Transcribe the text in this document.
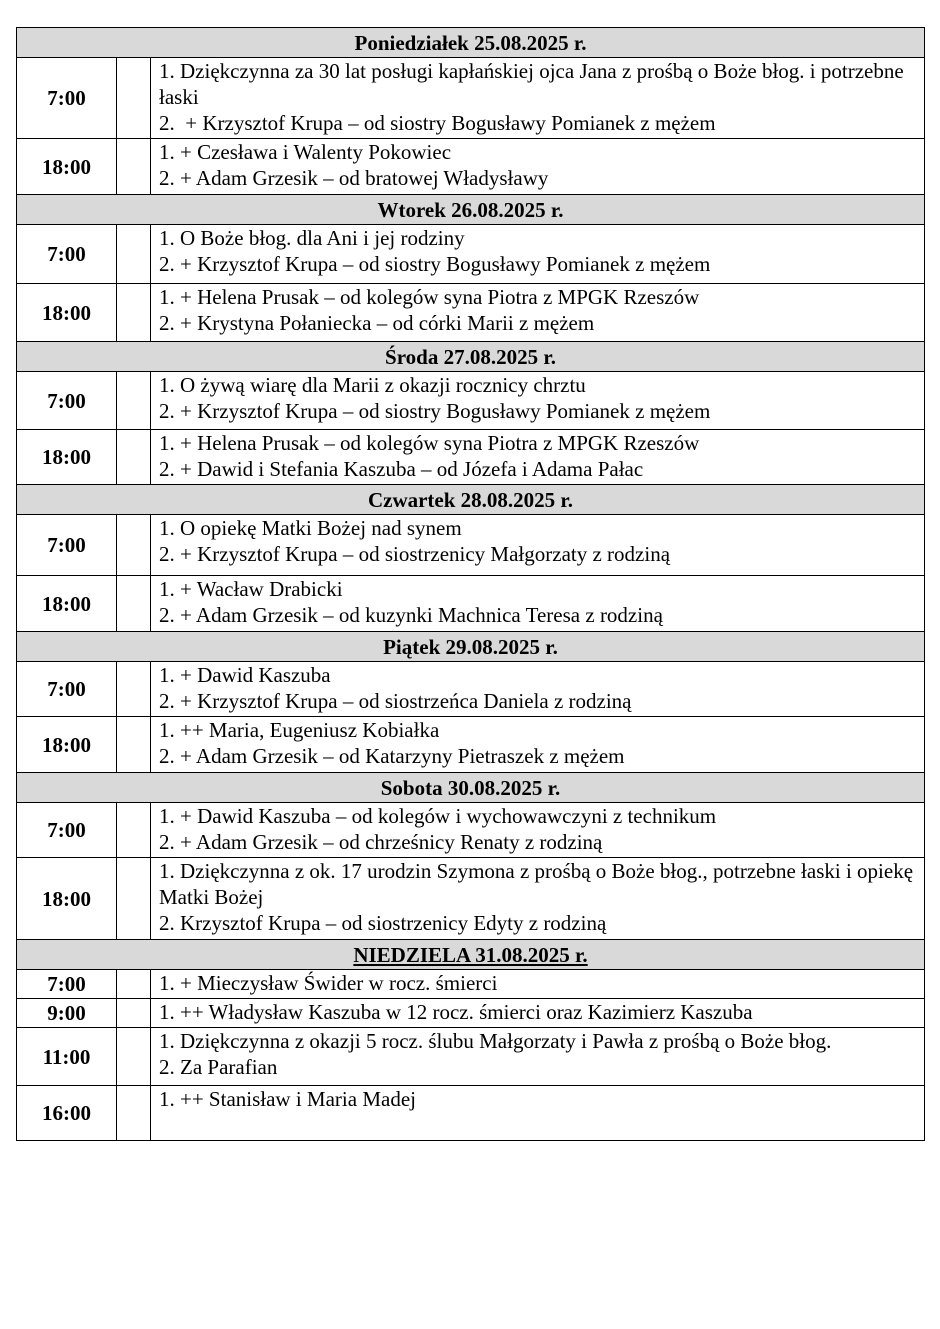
Poniedziałek 25.08.2025 r.		
7:00		1. Dziękczynna za 30 lat posługi kapłańskiej ojca Jana z prośbą o Boże błog. i potrzebne łaski
2.  + Krzysztof Krupa – od siostry Bogusławy Pomianek z mężem

18:00		1. + Czesława i Walenty Pokowiec
2. + Adam Grzesik – od bratowej Władysławy

Wtorek 26.08.2025 r.		
7:00		1. O Boże błog. dla Ani i jej rodziny
2. + Krzysztof Krupa – od siostry Bogusławy Pomianek z mężem

18:00		1. + Helena Prusak – od kolegów syna Piotra z MPGK Rzeszów
2. + Krystyna Połaniecka – od córki Marii z mężem

Środa 27.08.2025 r.		
7:00		1. O żywą wiarę dla Marii z okazji rocznicy chrztu
2. + Krzysztof Krupa – od siostry Bogusławy Pomianek z mężem

18:00		1. + Helena Prusak – od kolegów syna Piotra z MPGK Rzeszów
2. + Dawid i Stefania Kaszuba – od Józefa i Adama Pałac

Czwartek 28.08.2025 r.		
7:00		1. O opiekę Matki Bożej nad synem
2. + Krzysztof Krupa – od siostrzenicy Małgorzaty z rodziną

18:00		1. + Wacław Drabicki
2. + Adam Grzesik – od kuzynki Machnica Teresa z rodziną

Piątek 29.08.2025 r.		
7:00		1. + Dawid Kaszuba
2. + Krzysztof Krupa – od siostrzeńca Daniela z rodziną

18:00		1. ++ Maria, Eugeniusz Kobiałka
2. + Adam Grzesik – od Katarzyny Pietraszek z mężem

Sobota 30.08.2025 r.		
7:00		1. + Dawid Kaszuba – od kolegów i wychowawczyni z technikum
2. + Adam Grzesik – od chrześnicy Renaty z rodziną

18:00		1. Dziękczynna z ok. 17 urodzin Szymona z prośbą o Boże błog., potrzebne łaski i opiekę Matki Bożej
2. Krzysztof Krupa – od siostrzenicy Edyty z rodziną

NIEDZIELA 31.08.2025 r.		
7:00		1. + Mieczysław Świder w rocz. śmierci

9:00		1. ++ Władysław Kaszuba w 12 rocz. śmierci oraz Kazimierz Kaszuba

11:00		1. Dziękczynna z okazji 5 rocz. ślubu Małgorzaty i Pawła z prośbą o Boże błog.
2. Za Parafian

16:00		1. ++ Stanisław i Maria Madej
